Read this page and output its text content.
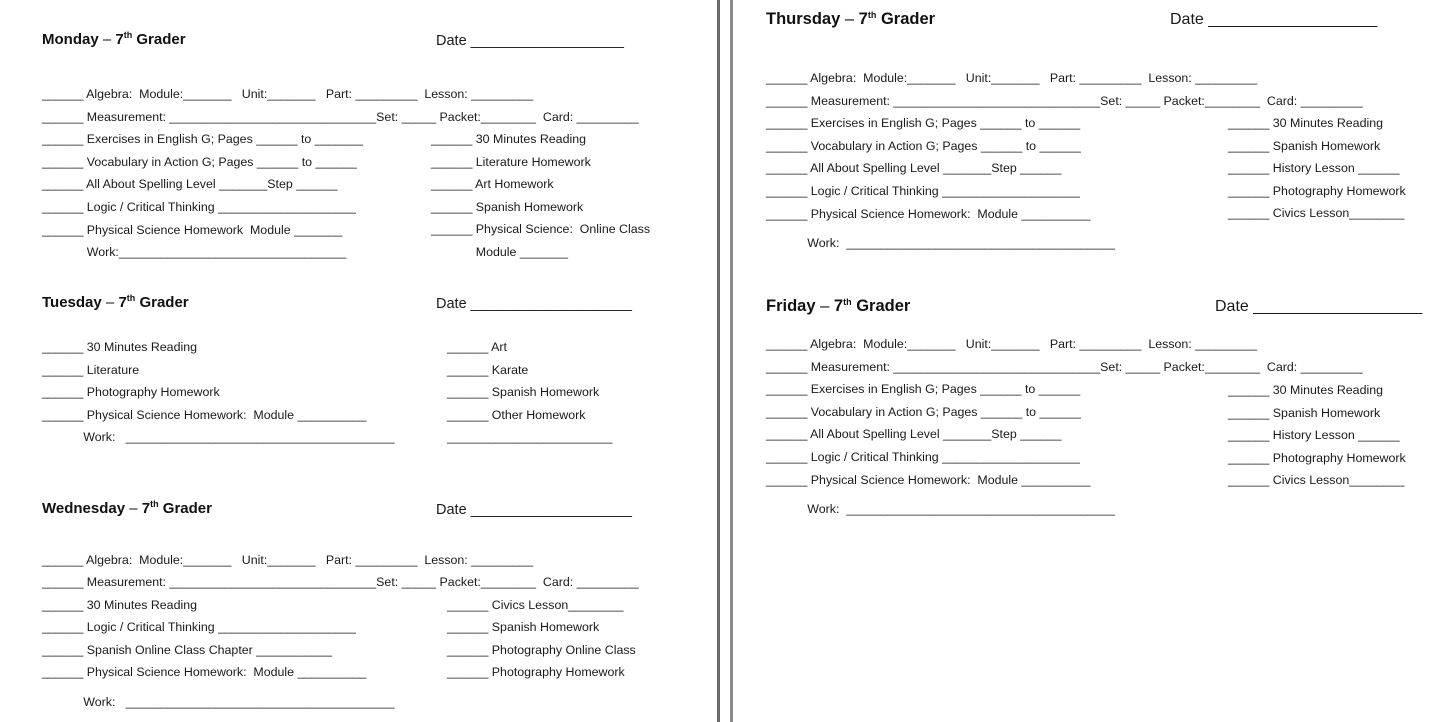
Monday – 7th Grader	Date ___________________
______ Algebra:  Module:_______   Unit:_______   Part: _________  Lesson: _________
______ Measurement: ______________________________Set: _____ Packet:________  Card: _________
______ Exercises in English G; Pages ______ to _______
______ Vocabulary in Action G; Pages ______ to ______
______ All About Spelling Level _______Step ______
______ Logic / Critical Thinking ____________________
______ Physical Science Homework  Module _______
Work:_________________________________
______ 30 Minutes Reading
______ Literature Homework
______ Art Homework
______ Spanish Homework
______ Physical Science:  Online Class
Module _______
Tuesday – 7th Grader	Date ____________________
______ 30 Minutes Reading
______ Literature
______ Photography Homework
______ Physical Science Homework:  Module __________
Work:   _______________________________________
______ Art
______ Karate
______ Spanish Homework
______ Other Homework
________________________
Wednesday – 7th Grader	Date ____________________
______ Algebra:  Module:_______   Unit:_______   Part: _________  Lesson: _________
______ Measurement: ______________________________Set: _____ Packet:________  Card: _________
______ 30 Minutes Reading
______ Logic / Critical Thinking ____________________
______ Spanish Online Class Chapter ___________
______ Physical Science Homework:  Module __________
Work:   _______________________________________
______ Civics Lesson________
______ Spanish Homework
______ Photography Online Class
______ Photography Homework
Thursday – 7th Grader	Date ___________________
______ Algebra:  Module:_______   Unit:_______   Part: _________  Lesson: _________
______ Measurement: ______________________________Set: _____ Packet:________  Card: _________
______ Exercises in English G; Pages ______ to ______
______ Vocabulary in Action G; Pages ______ to ______
______ All About Spelling Level _______Step ______
______ Logic / Critical Thinking ____________________
______ Physical Science Homework:  Module __________
Work:  _______________________________________
______ 30 Minutes Reading
______ Spanish Homework
______ History Lesson ______
______ Photography Homework
______ Civics Lesson________
Friday – 7th Grader	Date ___________________
______ Algebra:  Module:_______   Unit:_______   Part: _________  Lesson: _________
______ Measurement: ______________________________Set: _____ Packet:________  Card: _________
______ Exercises in English G; Pages ______ to ______
______ Vocabulary in Action G; Pages ______ to ______
______ All About Spelling Level _______Step ______
______ Logic / Critical Thinking ____________________
______ Physical Science Homework:  Module __________
Work:  _______________________________________
______ 30 Minutes Reading
______ Spanish Homework
______ History Lesson ______
______ Photography Homework
______ Civics Lesson________
